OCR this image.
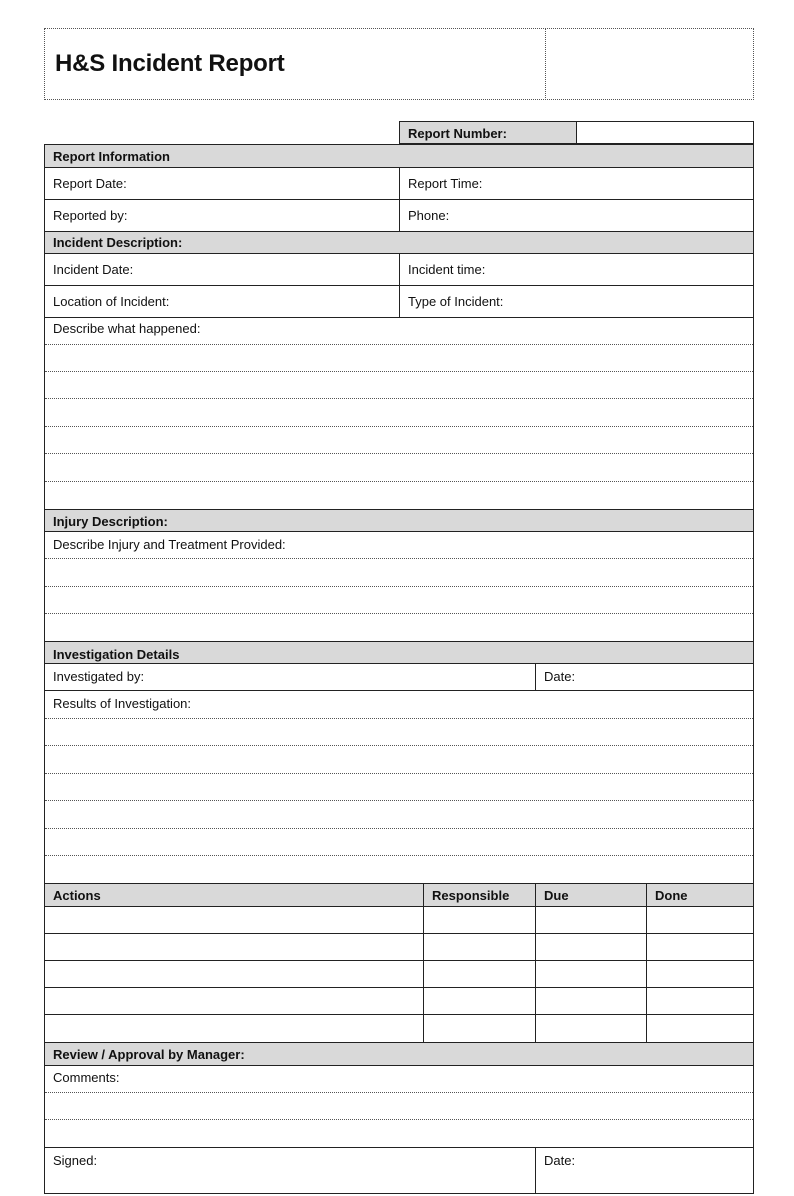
H&S Incident Report
Report Number:
Report Information
Report Date:	Report Time:
Reported by:	Phone:
Incident Description:
Incident Date:	Incident time:
Location of Incident:	Type of Incident:
Describe what happened:
Injury Description:
Describe Injury and Treatment Provided:
Investigation Details
Investigated by:	Date:
Results of Investigation:
Actions	Responsible	Due	Done
Review / Approval by Manager:
Comments:
Signed:	Date:
